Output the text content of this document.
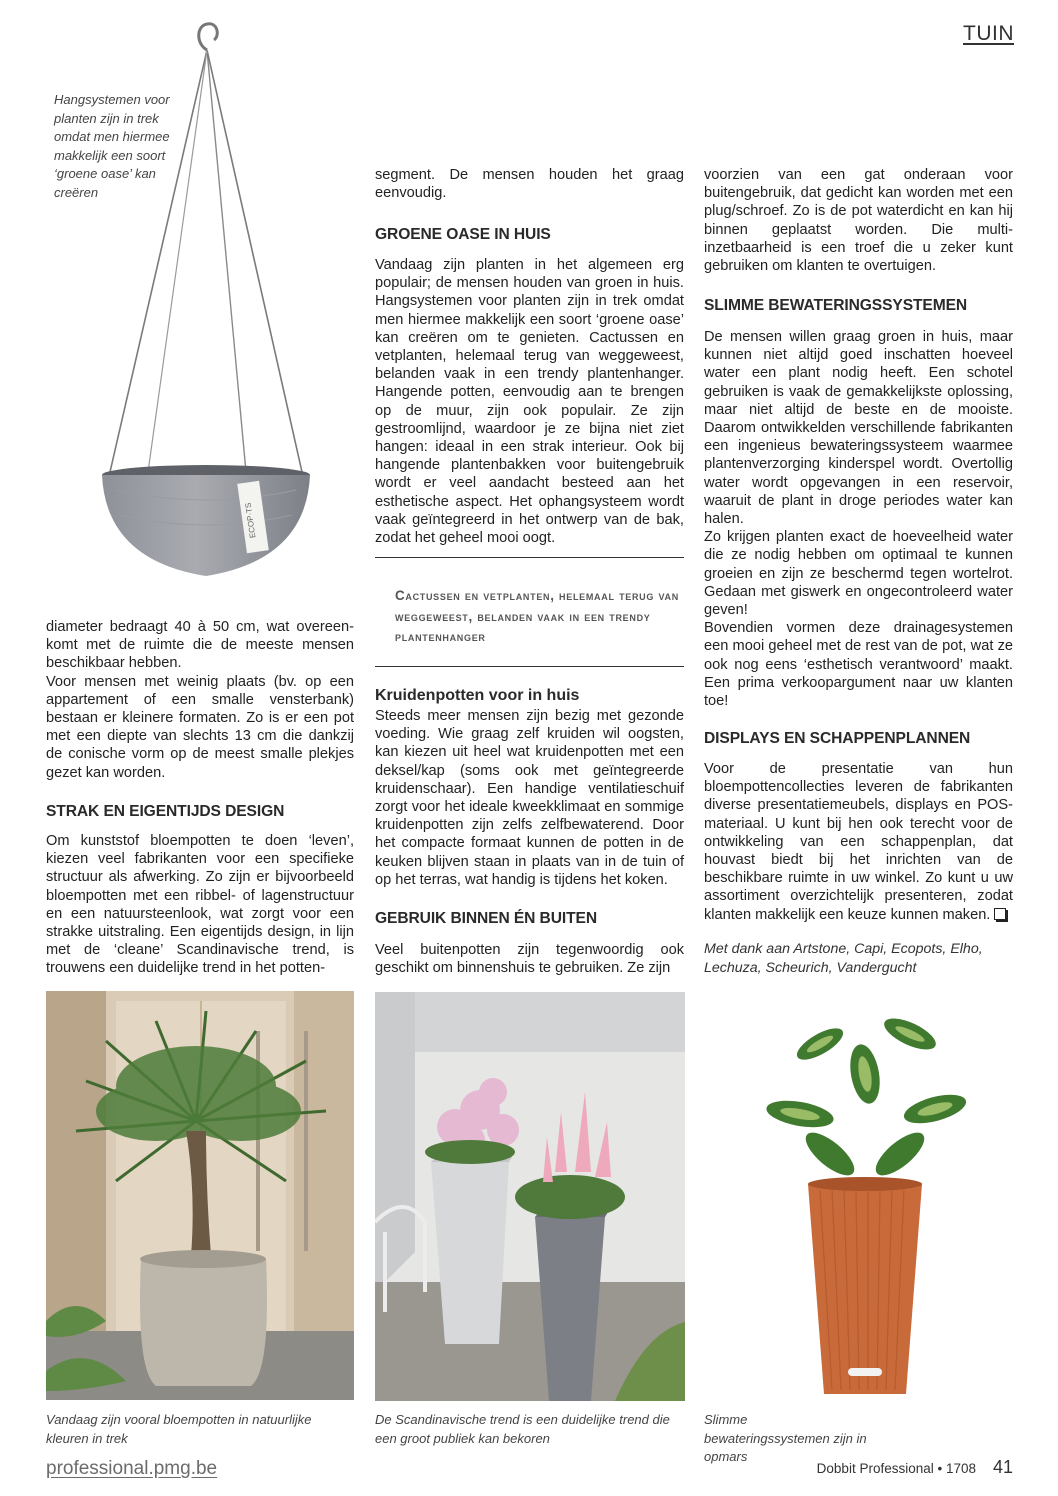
TUIN
ECOP·TS
Hangsystemen voor planten zijn in trek omdat men hiermee makkelijk een soort ‘groene oase’ kan creëren

diameter bedraagt 40 à 50 cm, wat overeen-komt met de ruimte die de meeste mensen beschikbaar hebben.

Voor mensen met weinig plaats (bv. op een appartement of een smalle vensterbank) bestaan er kleinere formaten. Zo is er een pot met een diepte van slechts 13 cm die dankzij de conische vorm op de meest smalle plekjes gezet kan worden.

STRAK EN EIGENTIJDS DESIGN

Om kunststof bloempotten te doen ‘leven’, kiezen veel fabrikanten voor een specifieke structuur als afwerking. Zo zijn er bijvoorbeeld bloempotten met een ribbel- of lagenstructuur en een natuursteenlook, wat zorgt voor een strakke uitstraling. Een eigentijds design, in lijn met de ‘cleane’ Scandinavische trend, is trouwens een duidelijke trend in het potten-

segment. De mensen houden het graag eenvoudig.
GROENE OASE IN HUIS
Vandaag zijn planten in het algemeen erg populair; de mensen houden van groen in huis. Hangsystemen voor planten zijn in trek omdat men hiermee makkelijk een soort ‘groene oase’ kan creëren om te genieten. Cactussen en vetplanten, helemaal terug van weggeweest, belanden vaak in een trendy plantenhanger. Hangende potten, eenvoudig aan te brengen op de muur, zijn ook populair. Ze zijn gestroomlijnd, waardoor je ze bijna niet ziet hangen: ideaal in een strak interieur. Ook bij hangende plantenbakken voor buitengebruik wordt er veel aandacht besteed aan het esthetische aspect. Het ophangsysteem wordt vaak geïntegreerd in het ontwerp van de bak, zodat het geheel mooi oogt.
Cactussen en vetplanten, helemaal terug van weggeweest, belanden vaak in een trendy plantenhanger
Kruidenpotten voor in huis
Steeds meer mensen zijn bezig met gezonde voeding. Wie graag zelf kruiden wil oogsten, kan kiezen uit heel wat kruidenpotten met een deksel/kap (soms ook met geïntegreerde kruidenschaar). Een handige ventilatieschuif zorgt voor het ideale kweekklimaat en sommige kruidenpotten zijn zelfs zelfbewaterend. Door het compacte formaat kunnen de potten in de keuken blijven staan in plaats van in de tuin of op het terras, wat handig is tijdens het koken.
GEBRUIK BINNEN ÉN BUITEN
Veel buitenpotten zijn tegenwoordig ook geschikt om binnenshuis te gebruiken. Ze zijn
voorzien van een gat onderaan voor buitengebruik, dat gedicht kan worden met een plug/schroef. Zo is de pot waterdicht en kan hij binnen geplaatst worden. Die multi-inzetbaarheid is een troef die u zeker kunt gebruiken om klanten te overtuigen.
SLIMME BEWATERINGSSYSTEMEN

De mensen willen graag groen in huis, maar kunnen niet altijd goed inschatten hoeveel water een plant nodig heeft. Een schotel gebruiken is vaak de gemakkelijkste oplossing, maar niet altijd de beste en de mooiste. Daarom ontwikkelden verschillende fabrikanten een ingenieus bewateringssysteem waarmee plantenverzorging kinderspel wordt. Overtollig water wordt opgevangen in een reservoir, waaruit de plant in droge periodes water kan halen.

Zo krijgen planten exact de hoeveelheid water die ze nodig hebben om optimaal te kunnen groeien en zijn ze beschermd tegen wortelrot. Gedaan met giswerk en ongecontroleerd water geven!

Bovendien vormen deze drainagesystemen een mooi geheel met de rest van de pot, wat ze ook nog eens ‘esthetisch verantwoord’ maakt. Een prima verkoopargument naar uw klanten toe!

DISPLAYS EN SCHAPPENPLANNEN

Voor de presentatie van hun bloempottencollecties leveren de fabrikanten diverse presentatiemeubels, displays en POS-materiaal. U kunt bij hen ook terecht voor de ontwikkeling van een schappenplan, dat houvast biedt bij het inrichten van de beschikbare ruimte in uw winkel. Zo kunt u uw assortiment overzichtelijk presenteren, zodat klanten makkelijk een keuze kunnen maken.

Met dank aan Artstone, Capi, Ecopots, Elho, Lechuza, Scheurich, Vandergucht
Vandaag zijn vooral bloempotten in natuurlijke kleuren in trek
De Scandinavische trend is een duidelijke trend die een groot publiek kan bekoren
Slimme bewateringssystemen zijn in opmars
professional.pmg.be	Dobbit Professional • 1708 41
